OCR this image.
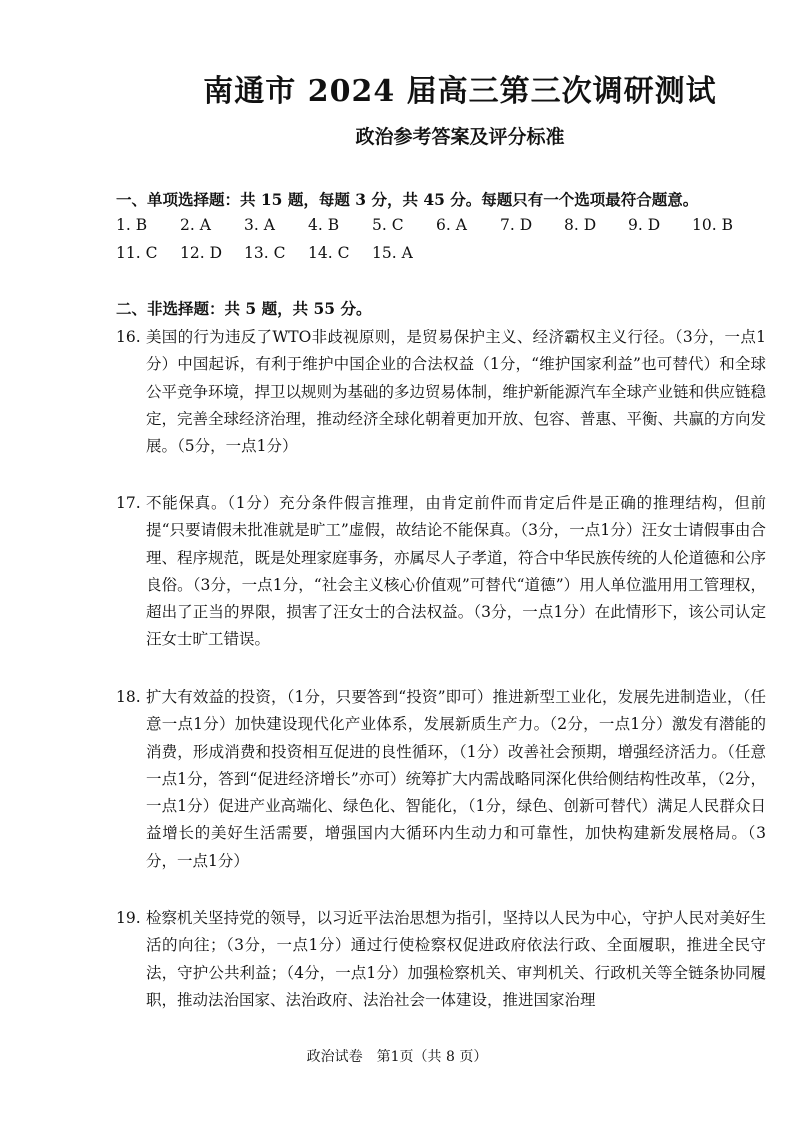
南通市 2024 届高三第三次调研测试
政治参考答案及评分标准
一、单项选择题：共 15 题，每题 3 分，共 45 分。每题只有一个选项最符合题意。
1. B 2. A 3. A 4. B 5. C 6. A 7. D 8. D 9. D 10. B
11. C 12. D 13. C 14. C 15. A
二、非选择题：共 5 题，共 55 分。
16. 美国的行为违反了WTO非歧视原则，是贸易保护主义、经济霸权主义行径。（3分，一点1分）中国起诉，有利于维护中国企业的合法权益（1分，“维护国家利益”也可替代）和全球公平竞争环境，捍卫以规则为基础的多边贸易体制，维护新能源汽车全球产业链和供应链稳定，完善全球经济治理，推动经济全球化朝着更加开放、包容、普惠、平衡、共赢的方向发展。（5分，一点1分）
17. 不能保真。（1分）充分条件假言推理，由肯定前件而肯定后件是正确的推理结构，但前提“只要请假未批准就是旷工”虚假，故结论不能保真。（3分，一点1分）汪女士请假事由合理、程序规范，既是处理家庭事务，亦属尽人子孝道，符合中华民族传统的人伦道德和公序良俗。（3分，一点1分，“社会主义核心价值观”可替代“道德”）用人单位滥用用工管理权，超出了正当的界限，损害了汪女士的合法权益。（3分，一点1分）在此情形下，该公司认定汪女士旷工错误。
18. 扩大有效益的投资，（1分，只要答到“投资”即可）推进新型工业化，发展先进制造业，（任意一点1分）加快建设现代化产业体系，发展新质生产力。（2分，一点1分）激发有潜能的消费，形成消费和投资相互促进的良性循环，（1分）改善社会预期，增强经济活力。（任意一点1分，答到“促进经济增长”亦可）统筹扩大内需战略同深化供给侧结构性改革，（2分，一点1分）促进产业高端化、绿色化、智能化，（1分，绿色、创新可替代）满足人民群众日益增长的美好生活需要，增强国内大循环内生动力和可靠性，加快构建新发展格局。（3分，一点1分）
19. 检察机关坚持党的领导，以习近平法治思想为指引，坚持以人民为中心，守护人民对美好生活的向往；（3分，一点1分）通过行使检察权促进政府依法行政、全面履职，推进全民守法，守护公共利益；（4分，一点1分）加强检察机关、审判机关、行政机关等全链条协同履职，推动法治国家、法治政府、法治社会一体建设，推进国家治理
政治试卷　第1页（共 8 页）
